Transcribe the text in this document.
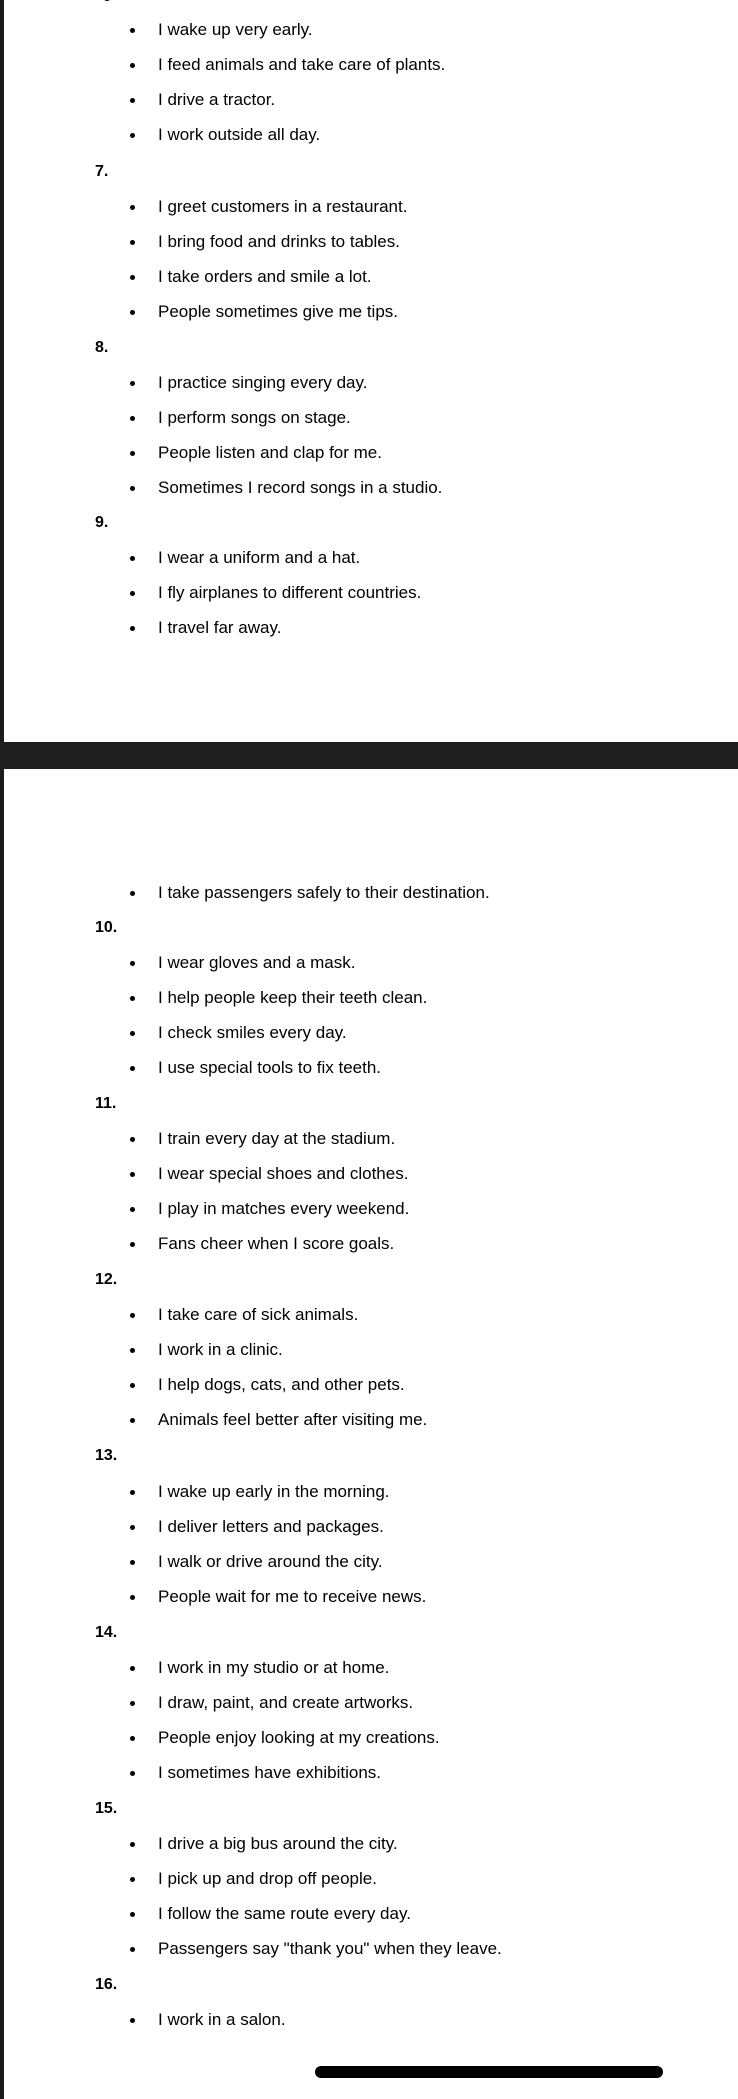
I wake up very early.
I feed animals and take care of plants.
I drive a tractor.
I work outside all day.
7.
I greet customers in a restaurant.
I bring food and drinks to tables.
I take orders and smile a lot.
People sometimes give me tips.
8.
I practice singing every day.
I perform songs on stage.
People listen and clap for me.
Sometimes I record songs in a studio.
9.
I wear a uniform and a hat.
I fly airplanes to different countries.
I travel far away.
I take passengers safely to their destination.
10.
I wear gloves and a mask.
I help people keep their teeth clean.
I check smiles every day.
I use special tools to fix teeth.
11.
I train every day at the stadium.
I wear special shoes and clothes.
I play in matches every weekend.
Fans cheer when I score goals.
12.
I take care of sick animals.
I work in a clinic.
I help dogs, cats, and other pets.
Animals feel better after visiting me.
13.
I wake up early in the morning.
I deliver letters and packages.
I walk or drive around the city.
People wait for me to receive news.
14.
I work in my studio or at home.
I draw, paint, and create artworks.
People enjoy looking at my creations.
I sometimes have exhibitions.
15.
I drive a big bus around the city.
I pick up and drop off people.
I follow the same route every day.
Passengers say "thank you" when they leave.
16.
I work in a salon.
